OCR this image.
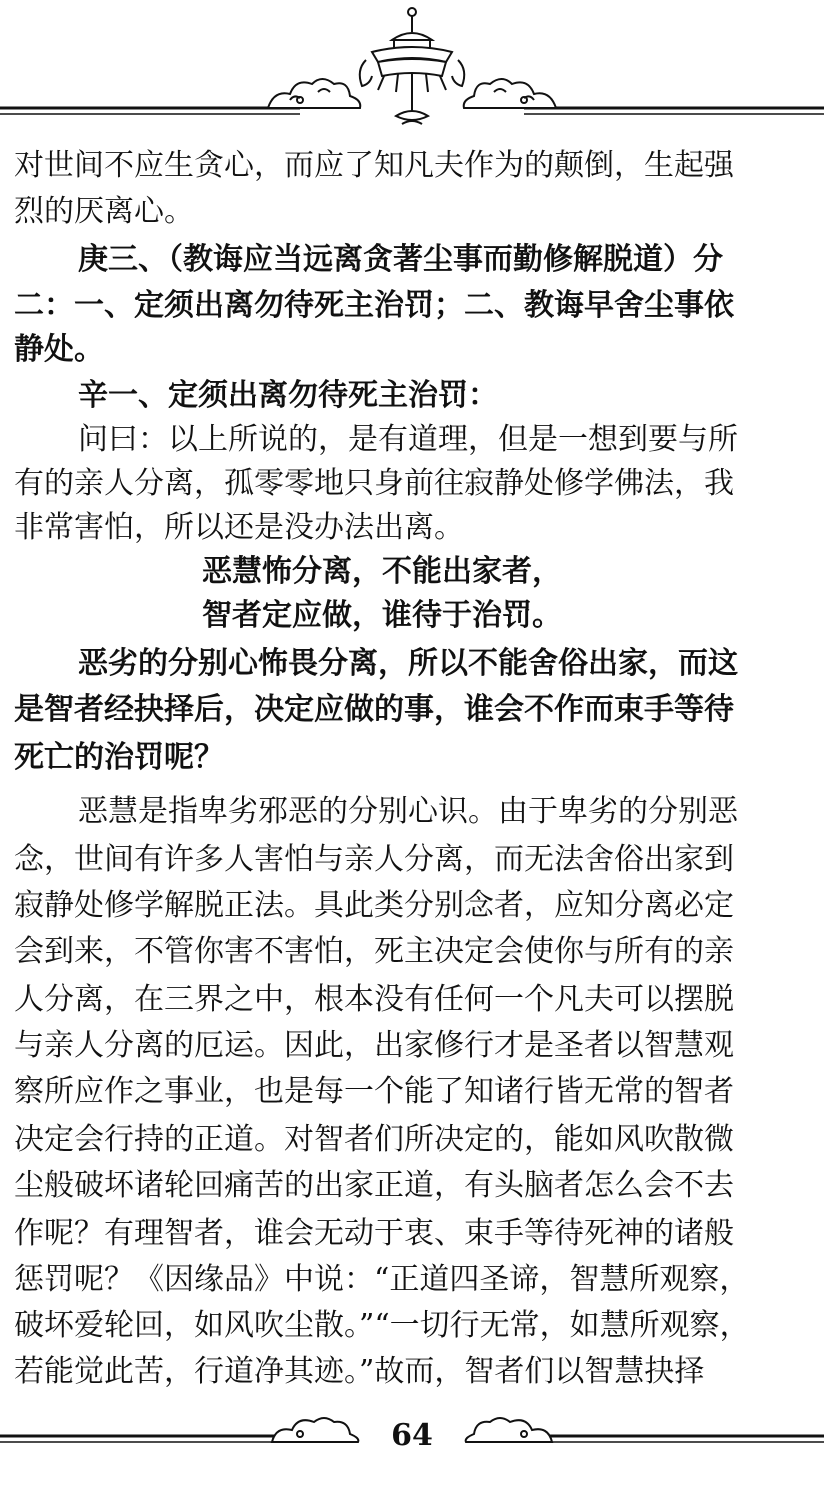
对世间不应生贪心，而应了知凡夫作为的颠倒，生起强
烈的厌离心。
庚三、（教诲应当远离贪著尘事而勤修解脱道）分
二：一、定须出离勿待死主治罚；二、教诲早舍尘事依
静处。
辛一、定须出离勿待死主治罚：
问曰：以上所说的，是有道理，但是一想到要与所
有的亲人分离，孤零零地只身前往寂静处修学佛法，我
非常害怕，所以还是没办法出离。
恶慧怖分离，不能出家者，
智者定应做，谁待于治罚。
恶劣的分别心怖畏分离，所以不能舍俗出家，而这
是智者经抉择后，决定应做的事，谁会不作而束手等待
死亡的治罚呢？
恶慧是指卑劣邪恶的分别心识。由于卑劣的分别恶
念，世间有许多人害怕与亲人分离，而无法舍俗出家到
寂静处修学解脱正法。具此类分别念者，应知分离必定
会到来，不管你害不害怕，死主决定会使你与所有的亲
人分离，在三界之中，根本没有任何一个凡夫可以摆脱
与亲人分离的厄运。因此，出家修行才是圣者以智慧观
察所应作之事业，也是每一个能了知诸行皆无常的智者
决定会行持的正道。对智者们所决定的，能如风吹散微
尘般破坏诸轮回痛苦的出家正道，有头脑者怎么会不去
作呢？有理智者，谁会无动于衷、束手等待死神的诸般
惩罚呢？《因缘品》中说：“正道四圣谛，智慧所观察，
破坏爱轮回，如风吹尘散。”“一切行无常，如慧所观察，
若能觉此苦，行道净其迹。”故而，智者们以智慧抉择
64
